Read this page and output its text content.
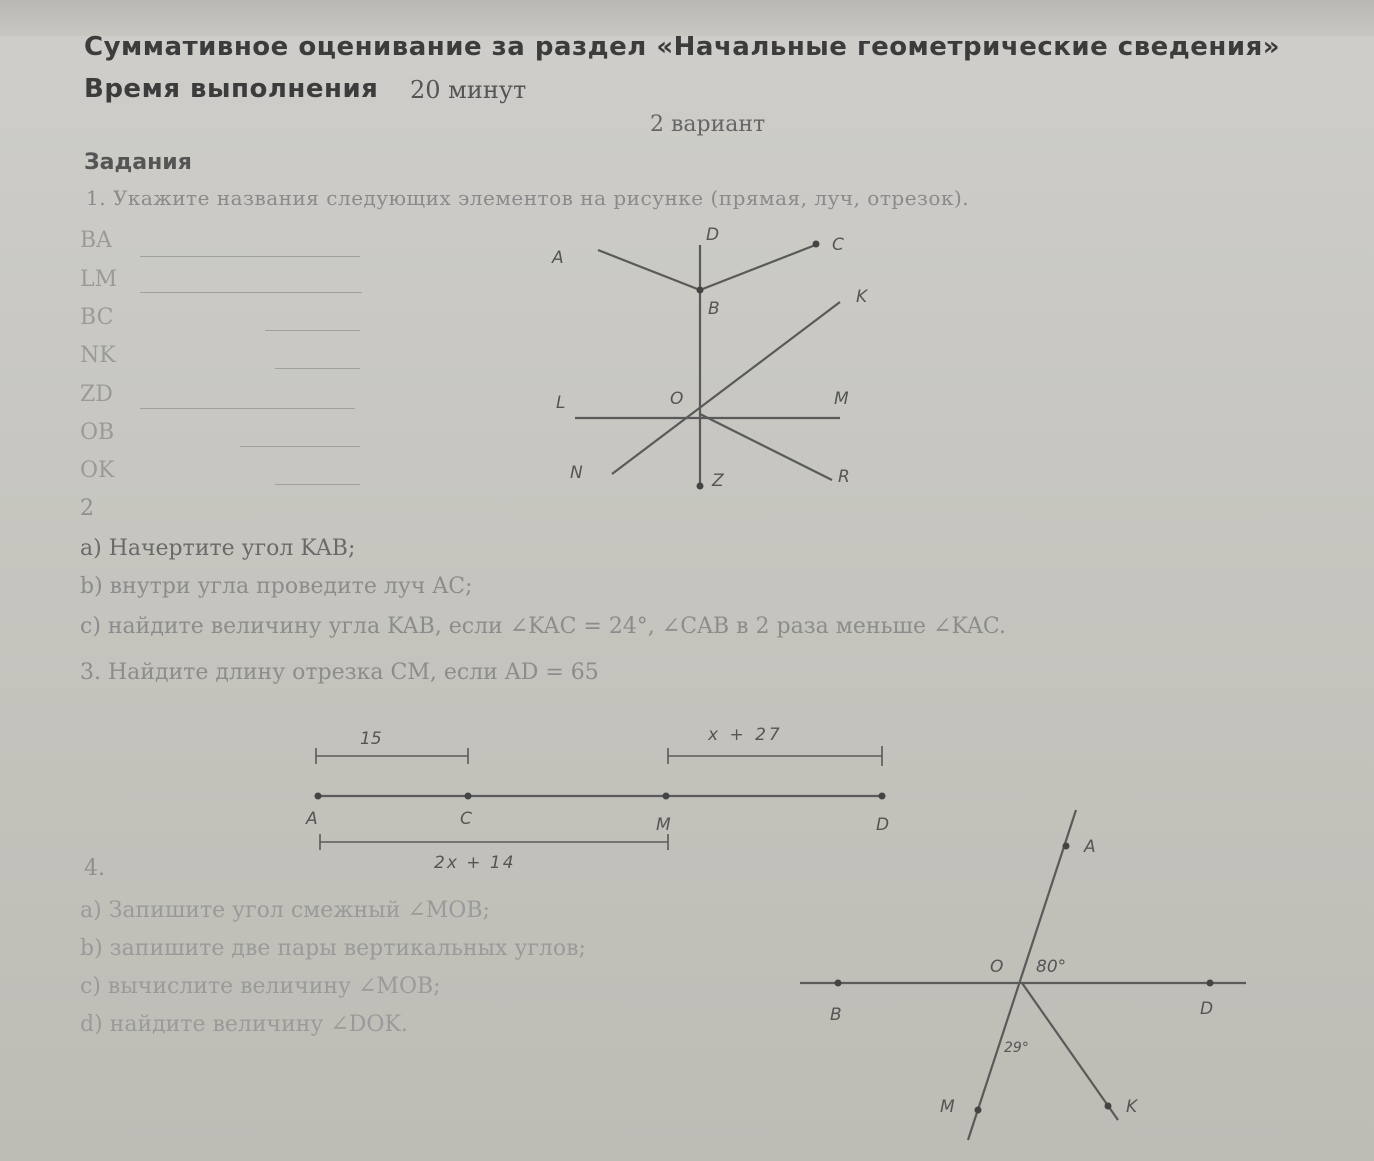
Суммативное оценивание за раздел «Начальные геометрические сведения»
Время выполнения 20 минут
2 вариант
Задания
1. Укажите названия следующих элементов на рисунке (прямая, луч, отрезок).
BA
LM
BC
NK
ZD
OB
OK
2
a) Начертите угол KAB;
b) внутри угла проведите луч AC;
c) найдите величину угла KAB, если ∠KAC = 24°, ∠CAB в 2 раза меньше ∠KAC.
3. Найдите длину отрезка CM, если AD = 65
4.
a) Запишите угол смежный ∠MOB;
b) запишите две пары вертикальных углов;
c) вычислите величину ∠MOB;
d) найдите величину ∠DOK.
A
D	C
B
K
L	O	M
N	Z	R
15	x + 27
2x + 14
A	C	M	D
A
O
B	D
M	K
80°
29°
